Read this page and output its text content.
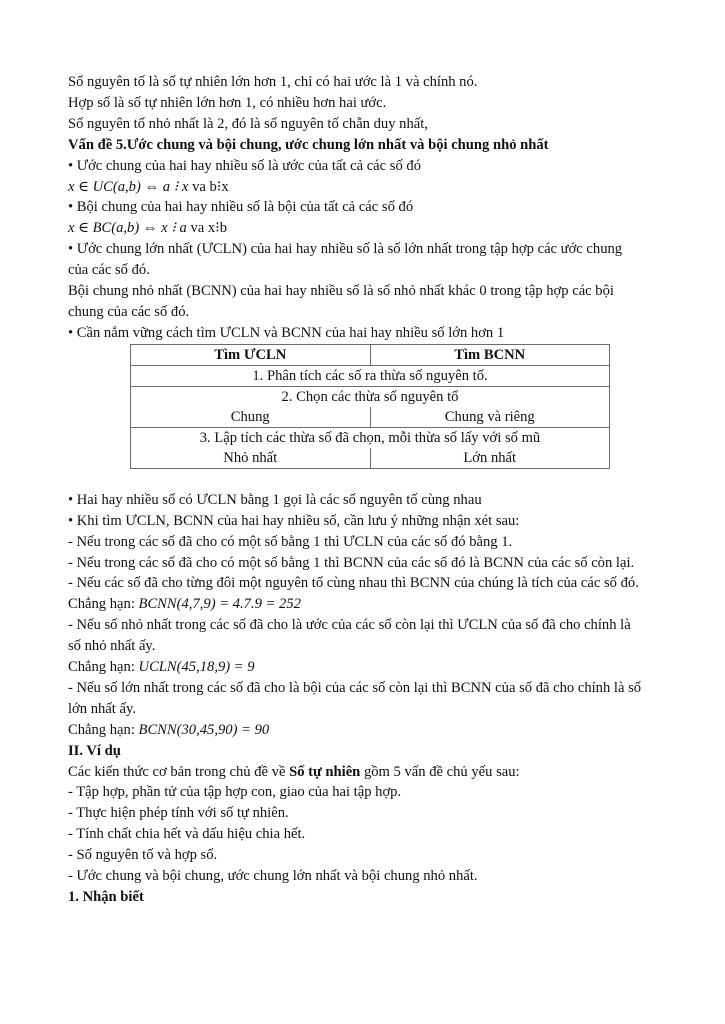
Số nguyên tố là số tự nhiên lớn hơn 1, chỉ có hai ước là 1 và chính nó.
Hợp số là số tự nhiên lớn hơn 1, có nhiều hơn hai ước.
Số nguyên tố nhỏ nhất là 2, đó là số nguyên tố chẵn duy nhất,
Vấn đề 5.Ước chung và bội chung, ước chung lớn nhất và bội chung nhỏ nhất
• Ước chung của hai hay nhiều số là ước của tất cả các số đó
x ∈ UC(a,b) ⇔ a ⁝ x va b⁝x
• Bội chung của hai hay nhiều số là bội của tất cả các số đó
x ∈ BC(a,b) ⇔ x ⁝ a va x⁝b
• Ước chung lớn nhất (ƯCLN) của hai hay nhiều số là số lớn nhất trong tập hợp các ước chung của các số đó.
Bội chung nhỏ nhất (BCNN) của hai hay nhiều số là số nhỏ nhất khác 0 trong tập hợp các bội chung của các số đó.
• Cần nắm vững cách tìm ƯCLN và BCNN của hai hay nhiều số lớn hơn 1
Tìm ƯCLN	Tìm BCNN
1. Phân tích các số ra thừa số nguyên tố.	
2. Chọn các thừa số nguyên tố	
Chung	Chung và riêng
3. Lập tích các thừa số đã chọn, mỗi thừa số lấy với số mũ	
Nhỏ nhất	Lớn nhất
• Hai hay nhiều số có ƯCLN bằng 1 gọi là các số nguyên tố cùng nhau
• Khi tìm ƯCLN, BCNN của hai hay nhiều số, cần lưu ý những nhận xét sau:
- Nếu trong các số đã cho có một số bằng 1 thì ƯCLN của các số đó bằng 1.
- Nếu trong các số đã cho có một số bằng 1 thì BCNN của các số đó là BCNN của các số còn lại.
- Nếu các số đã cho từng đôi một nguyên tố cùng nhau thì BCNN của chúng là tích của các số đó.
Chẳng hạn: BCNN(4,7,9) = 4.7.9 = 252
- Nếu số nhỏ nhất trong các số đã cho là ước của các số còn lại thì ƯCLN của số đã cho chính là số nhỏ nhất ấy.
Chẳng hạn: UCLN(45,18,9) = 9
- Nếu số lớn nhất trong các số đã cho là bội của các số còn lại thì BCNN của số đã cho chính là số lớn nhất ấy.
Chẳng hạn: BCNN(30,45,90) = 90
II. Ví dụ
Các kiến thức cơ bản trong chủ đề về Số tự nhiên gồm 5 vấn đề chủ yếu sau:
- Tập hợp, phần tử của tập hợp con, giao của hai tập hợp.
- Thực hiện phép tính với số tự nhiên.
- Tính chất chia hết và dấu hiệu chia hết.
- Số nguyên tố và hợp số.
- Ước chung và bội chung, ước chung lớn nhất và bội chung nhỏ nhất.
1. Nhận biết
